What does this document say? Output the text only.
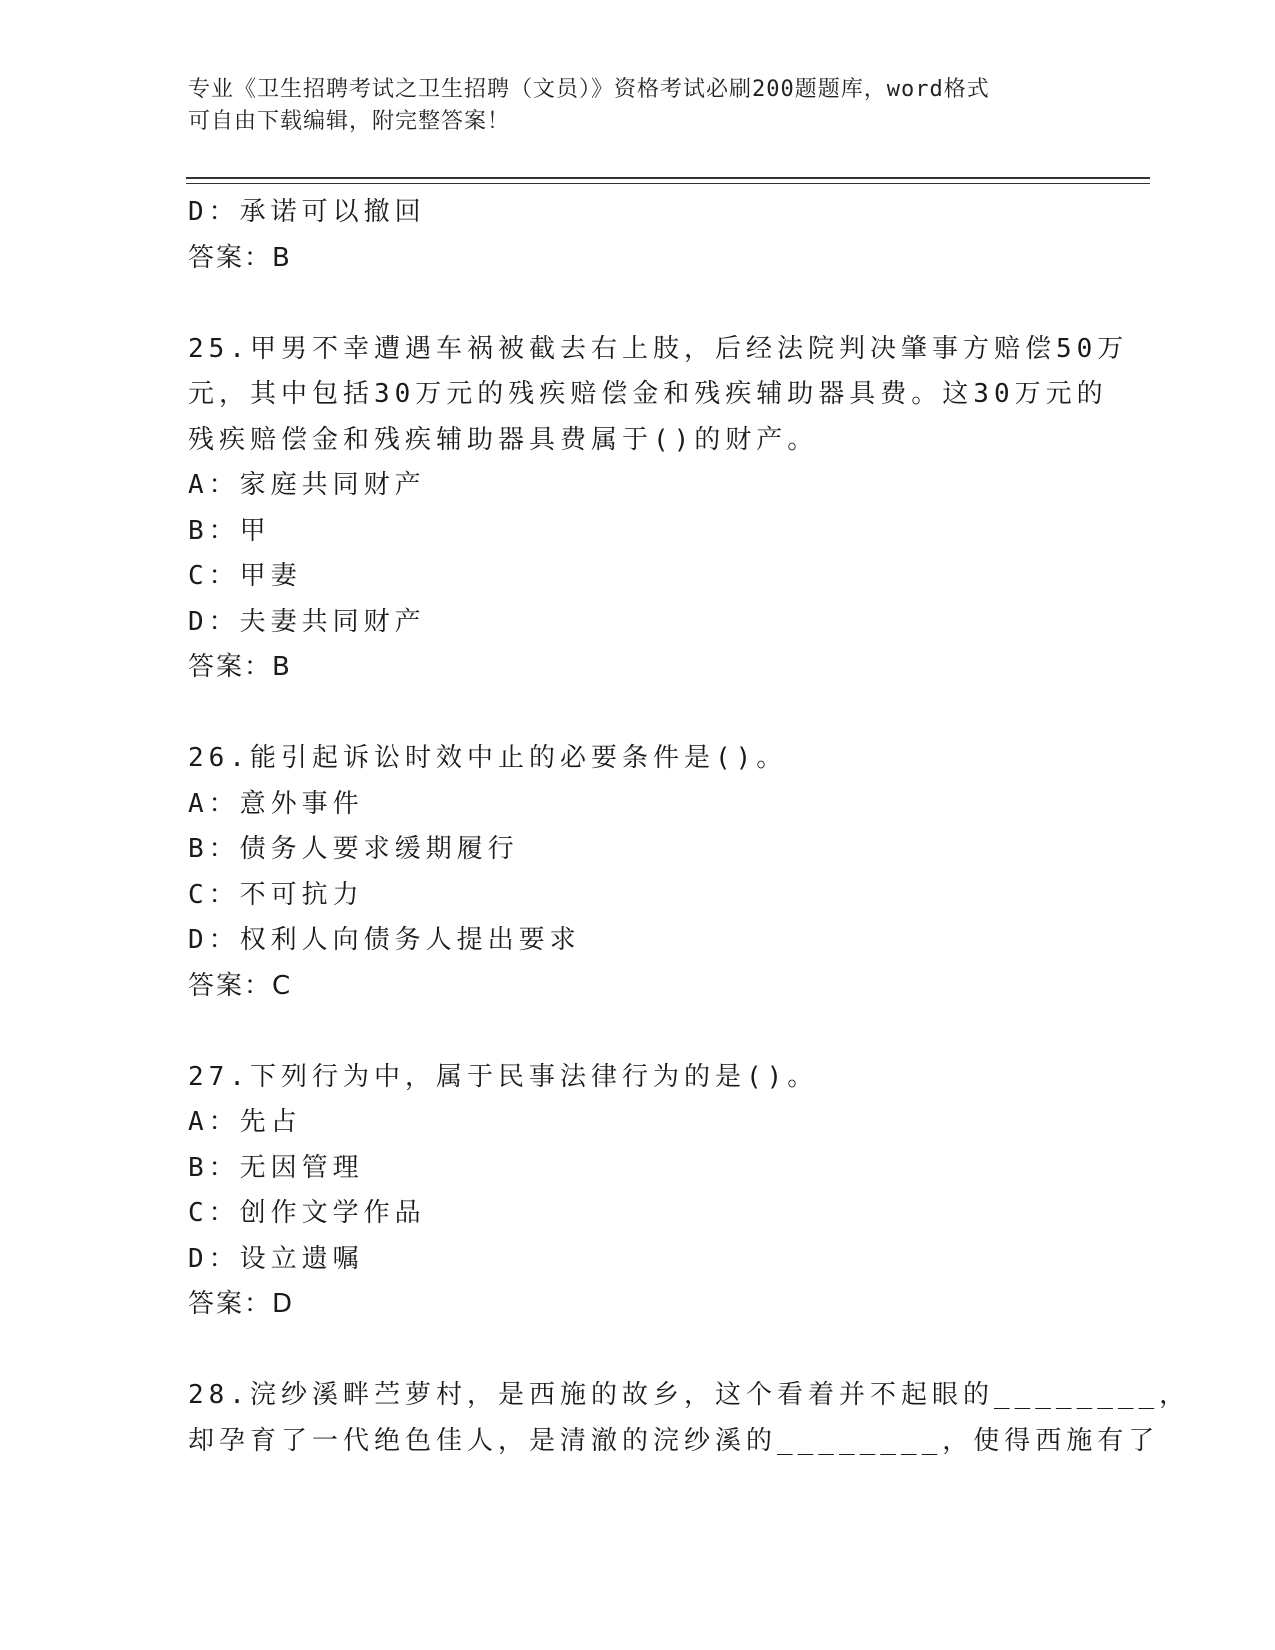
专业《卫生招聘考试之卫生招聘（文员）》资格考试必刷200题题库，word格式
可自由下载编辑，附完整答案！
D：承诺可以撤回
答案：B
25.甲男不幸遭遇车祸被截去右上肢，后经法院判决肇事方赔偿50万
元，其中包括30万元的残疾赔偿金和残疾辅助器具费。这30万元的
残疾赔偿金和残疾辅助器具费属于()的财产。
A：家庭共同财产
B：甲
C：甲妻
D：夫妻共同财产
答案：B
26.能引起诉讼时效中止的必要条件是()。
A：意外事件
B：债务人要求缓期履行
C：不可抗力
D：权利人向债务人提出要求
答案：C
27.下列行为中，属于民事法律行为的是()。
A：先占
B：无因管理
C：创作文学作品
D：设立遗嘱
答案：D
28.浣纱溪畔苎萝村，是西施的故乡，这个看着并不起眼的________，
却孕育了一代绝色佳人，是清澈的浣纱溪的________，使得西施有了
